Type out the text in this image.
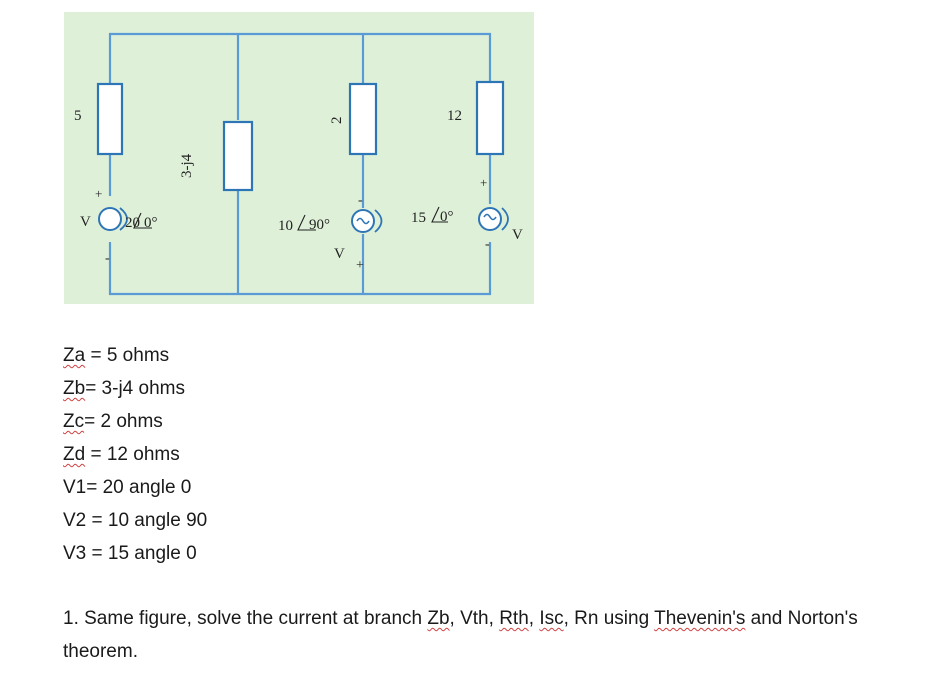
5
3-j4
2	12
+
-
V 20 0°
+
-
V
10 90°
+
-
V
15 0°
Za = 5 ohms
Zb= 3-j4 ohms
Zc= 2 ohms
Zd = 12 ohms
V1= 20 angle 0
V2 = 10 angle 90
V3 = 15 angle 0
1. Same figure, solve the current at branch Zb, Vth, Rth, Isc, Rn using Thevenin's and Norton's theorem.
